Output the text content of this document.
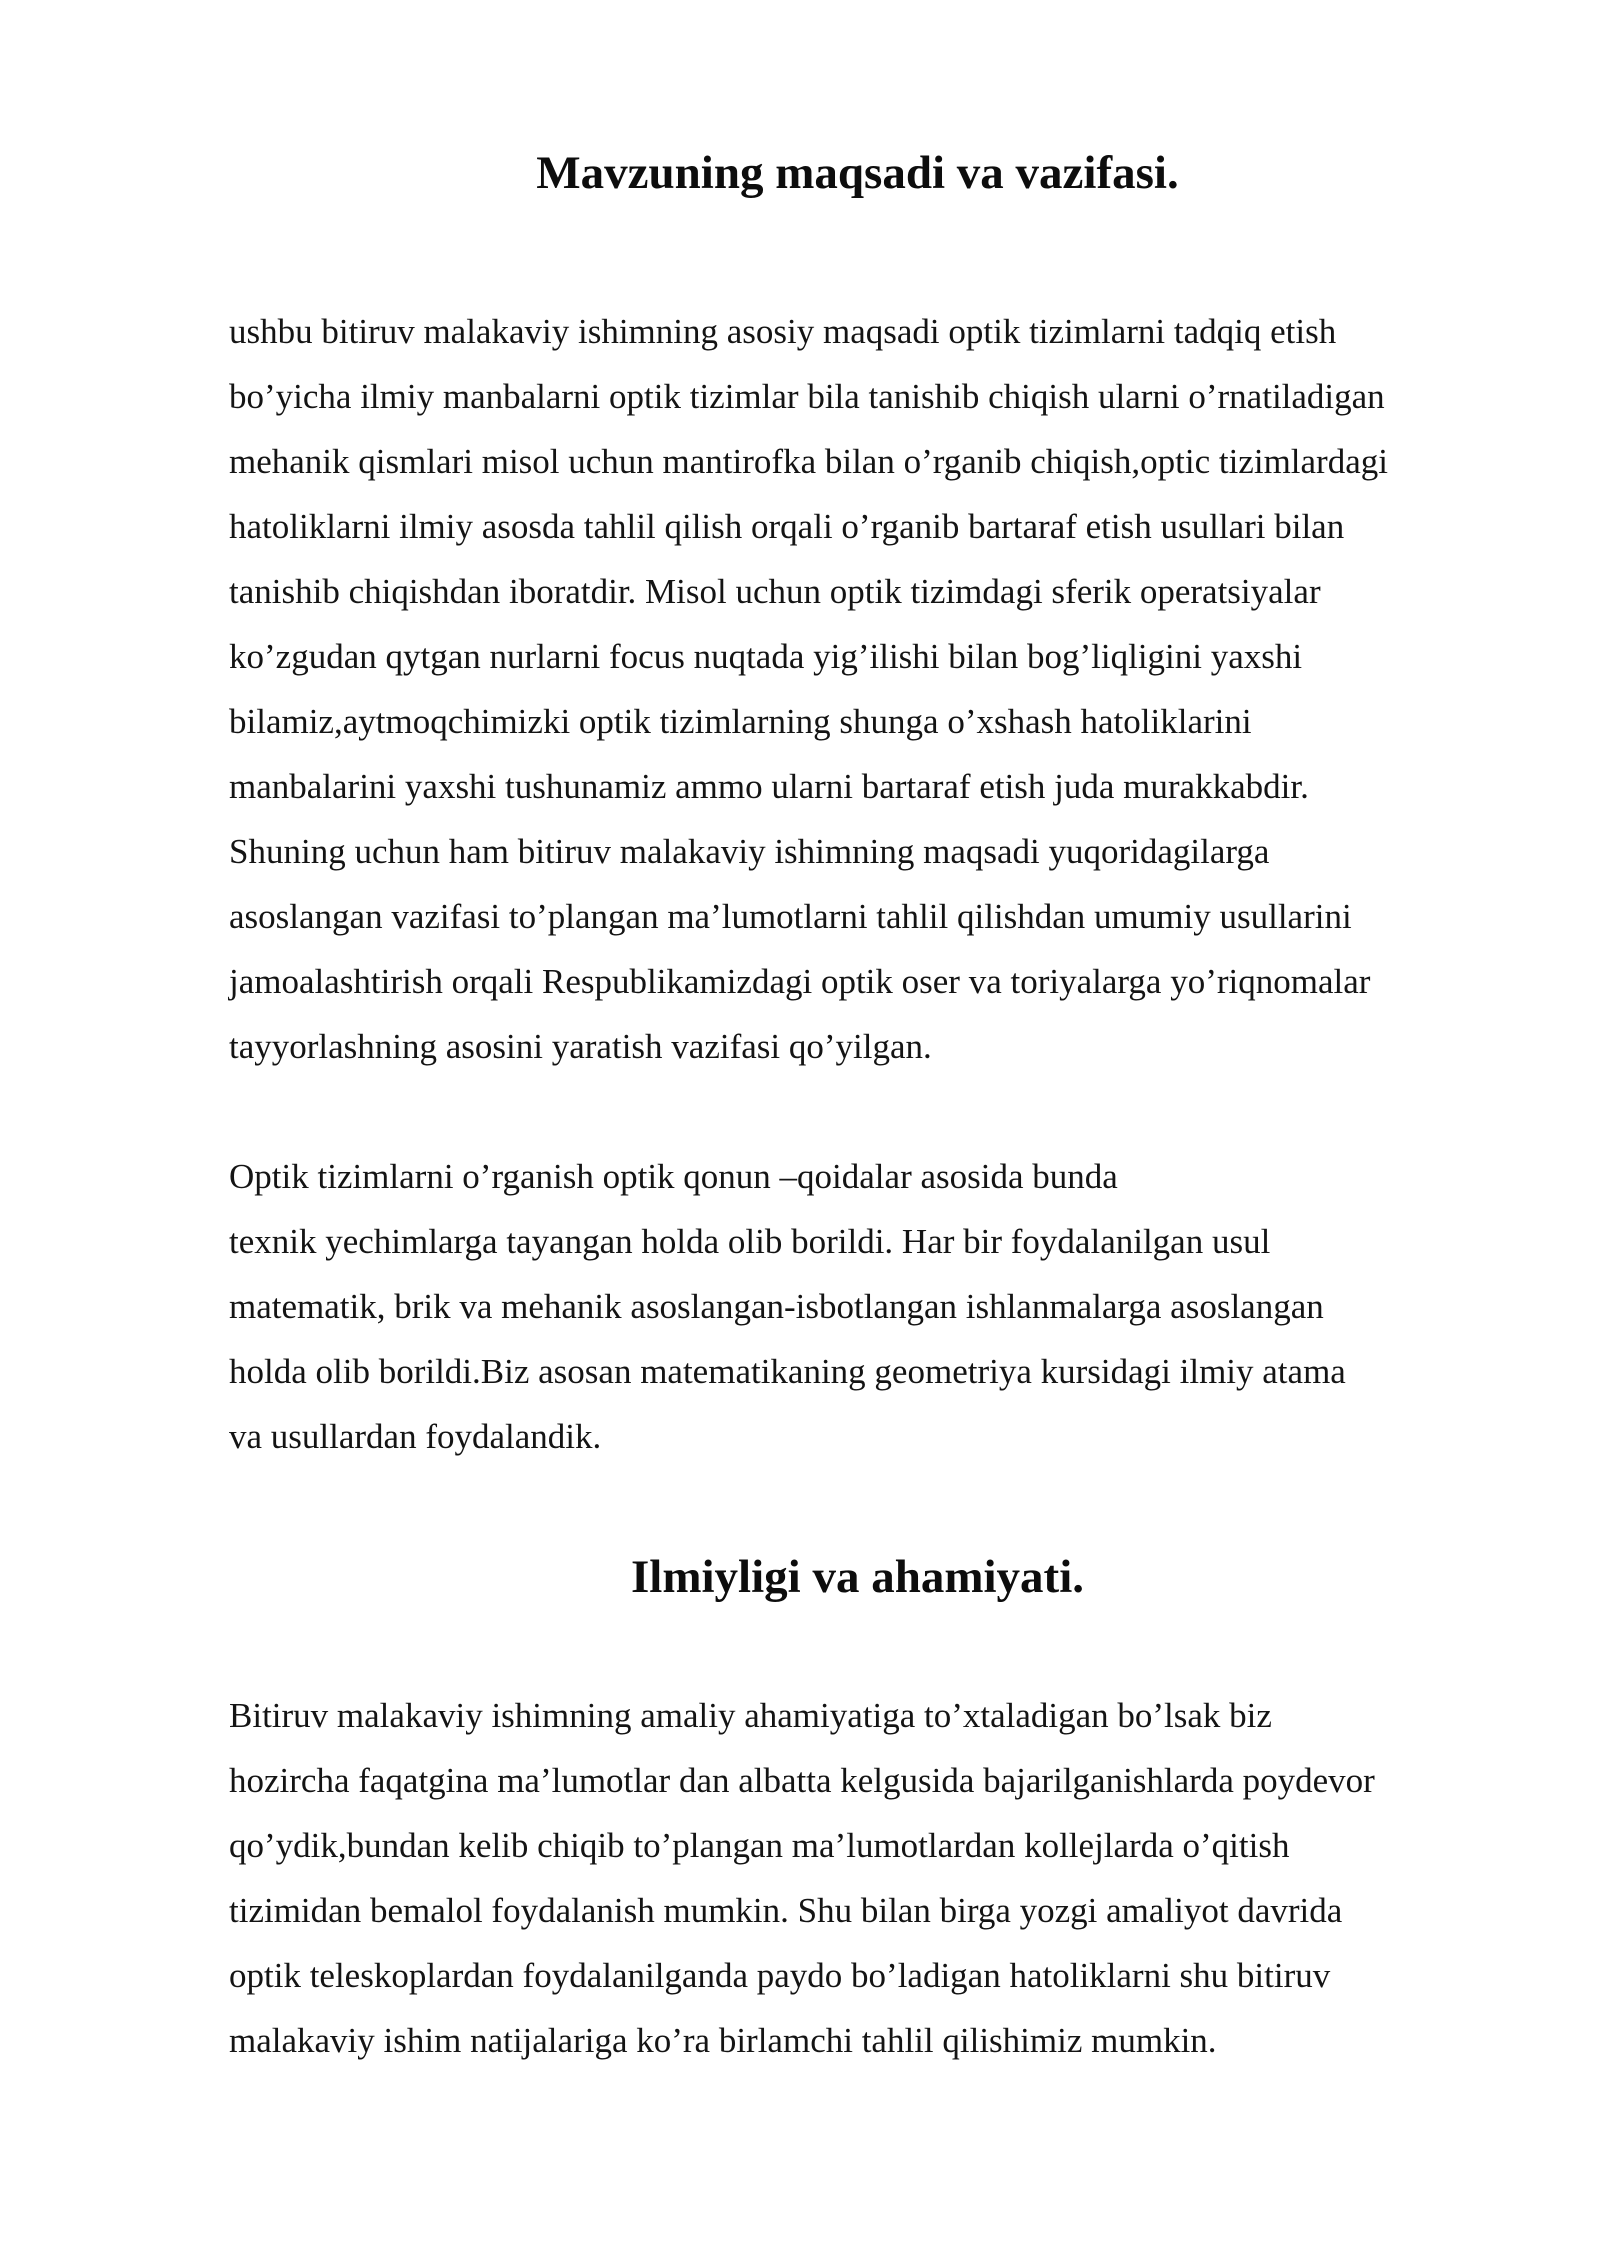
Mavzuning maqsadi va vazifasi.

ushbu bitiruv malakaviy ishimning asosiy maqsadi optik tizimlarni tadqiq etish

bo’yicha ilmiy manbalarni optik tizimlar bila tanishib chiqish ularni o’rnatiladigan

mehanik qismlari misol uchun mantirofka bilan o’rganib chiqish,optic tizimlardagi

hatoliklarni ilmiy asosda tahlil qilish orqali o’rganib bartaraf etish usullari bilan

tanishib chiqishdan iboratdir. Misol uchun optik tizimdagi sferik operatsiyalar

ko’zgudan qytgan nurlarni focus nuqtada yig’ilishi bilan bog’liqligini yaxshi

bilamiz,aytmoqchimizki optik tizimlarning shunga o’xshash hatoliklarini

manbalarini yaxshi tushunamiz ammo ularni bartaraf etish juda murakkabdir.

Shuning uchun ham bitiruv malakaviy ishimning maqsadi yuqoridagilarga

asoslangan vazifasi to’plangan ma’lumotlarni tahlil qilishdan umumiy usullarini

jamoalashtirish orqali Respublikamizdagi optik oser va toriyalarga yo’riqnomalar

tayyorlashning asosini yaratish vazifasi qo’yilgan.

Optik tizimlarni o’rganish optik qonun –qoidalar asosida bunda

texnik yechimlarga tayangan holda olib borildi. Har bir foydalanilgan usul

matematik, brik va mehanik asoslangan-isbotlangan ishlanmalarga asoslangan

holda olib borildi.Biz asosan matematikaning geometriya kursidagi ilmiy atama

va usullardan foydalandik.

Ilmiyligi va ahamiyati.

Bitiruv malakaviy ishimning amaliy ahamiyatiga to’xtaladigan bo’lsak biz

hozircha faqatgina ma’lumotlar dan albatta kelgusida bajarilganishlarda poydevor

qo’ydik,bundan kelib chiqib to’plangan ma’lumotlardan kollejlarda o’qitish

tizimidan bemalol foydalanish mumkin. Shu bilan birga yozgi amaliyot davrida

optik teleskoplardan foydalanilganda paydo bo’ladigan hatoliklarni shu bitiruv

malakaviy ishim natijalariga ko’ra birlamchi tahlil qilishimiz mumkin.
